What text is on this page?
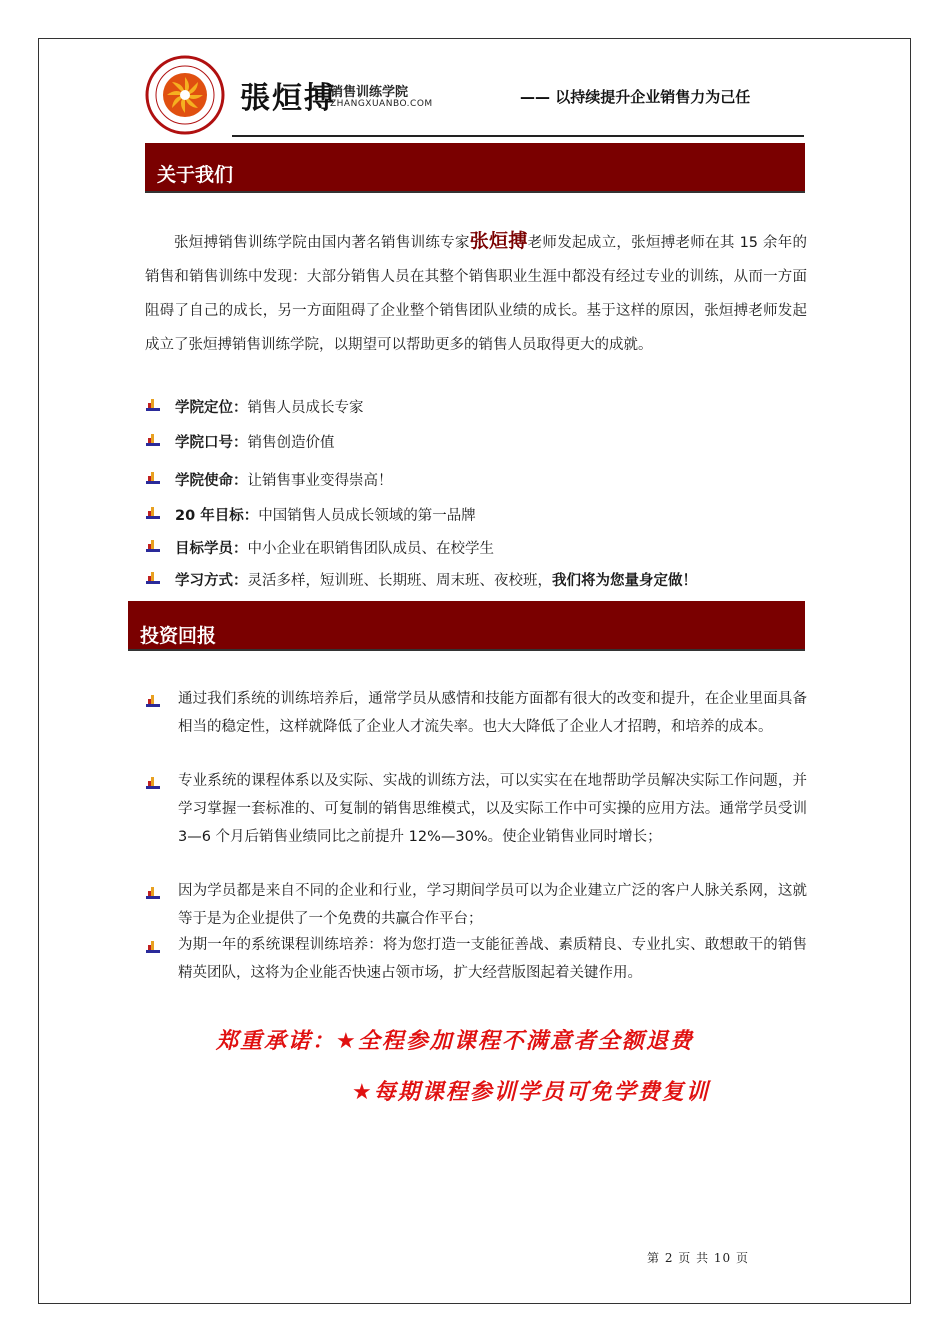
張烜搏
销售训练学院
ZHANGXUANBO.COM	—— 以持续提升企业销售力为己任
关于我们

张烜搏销售训练学院由国内著名销售训练专家张烜搏老师发起成立，张烜搏老师在其 15 余年的销售和销售训练中发现：大部分销售人员在其整个销售职业生涯中都没有经过专业的训练，从而一方面阻碍了自己的成长，另一方面阻碍了企业整个销售团队业绩的成长。基于这样的原因，张烜搏老师发起成立了张烜搏销售训练学院，以期望可以帮助更多的销售人员取得更大的成就。

学院定位：销售人员成长专家
学院口号：销售创造价值
学院使命：让销售事业变得崇高！
20 年目标：中国销售人员成长领域的第一品牌
目标学员：中小企业在职销售团队成员、在校学生
学习方式：灵活多样，短训班、长期班、周末班、夜校班，我们将为您量身定做！
投资回报
通过我们系统的训练培养后，通常学员从感情和技能方面都有很大的改变和提升，在企业里面具备相当的稳定性，这样就降低了企业人才流失率。也大大降低了企业人才招聘，和培养的成本。
专业系统的课程体系以及实际、实战的训练方法，可以实实在在地帮助学员解决实际工作问题，并学习掌握一套标准的、可复制的销售思维模式，以及实际工作中可实操的应用方法。通常学员受训 3—6 个月后销售业绩同比之前提升 12%—30%。使企业销售业同时增长；
因为学员都是来自不同的企业和行业，学习期间学员可以为企业建立广泛的客户人脉关系网，这就等于是为企业提供了一个免费的共赢合作平台；
为期一年的系统课程训练培养：将为您打造一支能征善战、素质精良、专业扎实、敢想敢干的销售精英团队，这将为企业能否快速占领市场，扩大经营版图起着关键作用。
郑重承诺：★全程参加课程不满意者全额退费
★每期课程参训学员可免学费复训
第 2 页 共 10 页
